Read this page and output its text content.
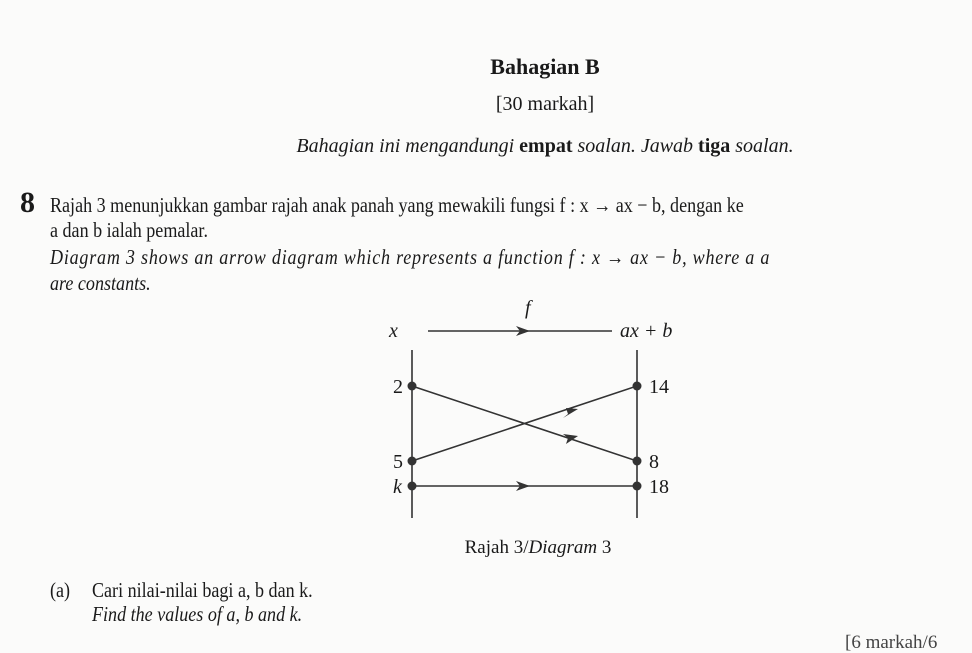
Bahagian B
[30 markah]
Bahagian ini mengandungi empat soalan. Jawab tiga soalan.
8 Rajah 3 menunjukkan gambar rajah anak panah yang mewakili fungsi f : x → ax − b, dengan ke
a dan b ialah pemalar.
Diagram 3 shows an arrow diagram which represents a function f : x → ax − b, where a a
are constants.
f
x	ax + b
2
5
k
14
8
18
Rajah 3/Diagram 3
(a) Cari nilai-nilai bagi a, b dan k.
Find the values of a, b and k.
[6 markah/6
